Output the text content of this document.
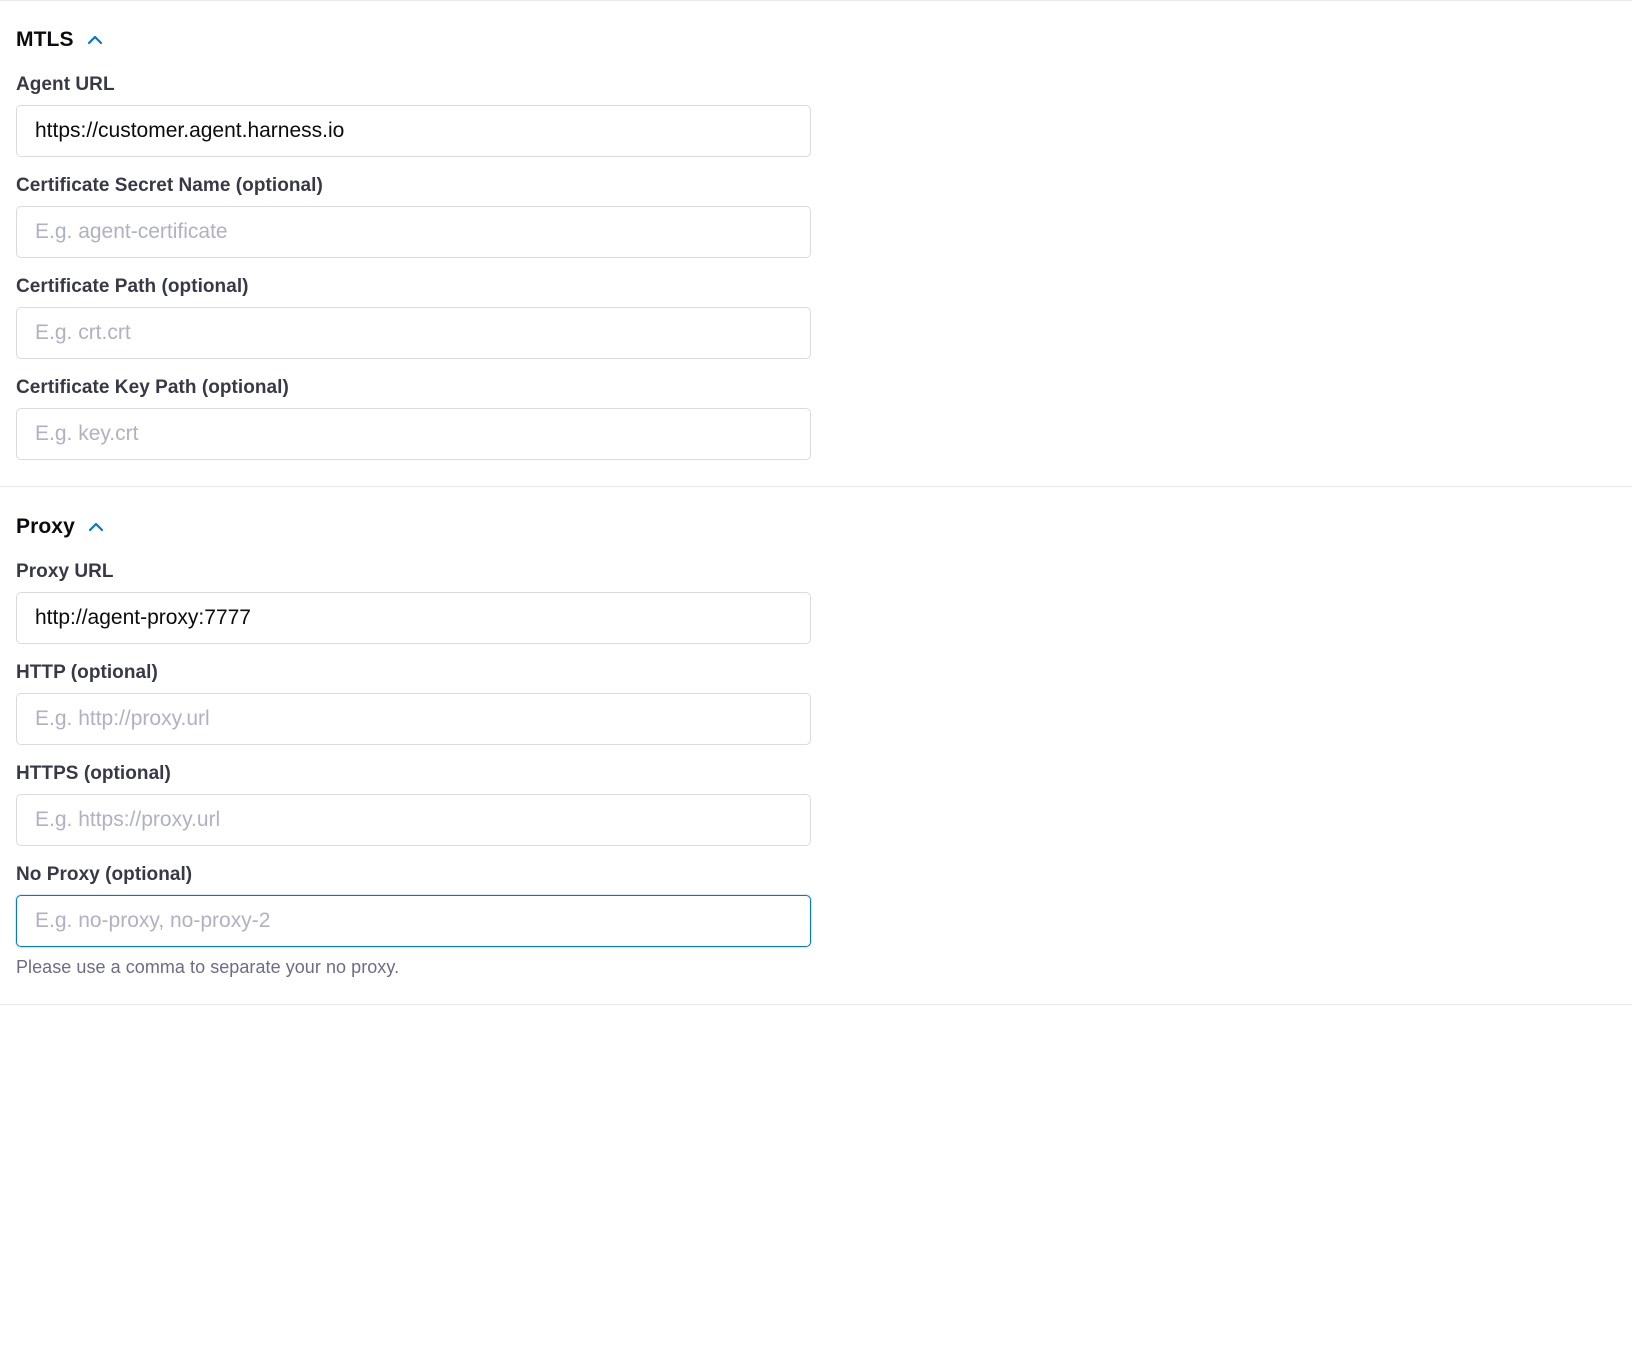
MTLS
Agent URL
https://customer.agent.harness.io
Certificate Secret Name (optional)
E.g. agent-certificate
Certificate Path (optional)
E.g. crt.crt
Certificate Key Path (optional)
E.g. key.crt
Proxy
Proxy URL
http://agent-proxy:7777
HTTP (optional)
E.g. http://proxy.url
HTTPS (optional)
E.g. https://proxy.url
No Proxy (optional)
E.g. no-proxy, no-proxy-2
Please use a comma to separate your no proxy.
